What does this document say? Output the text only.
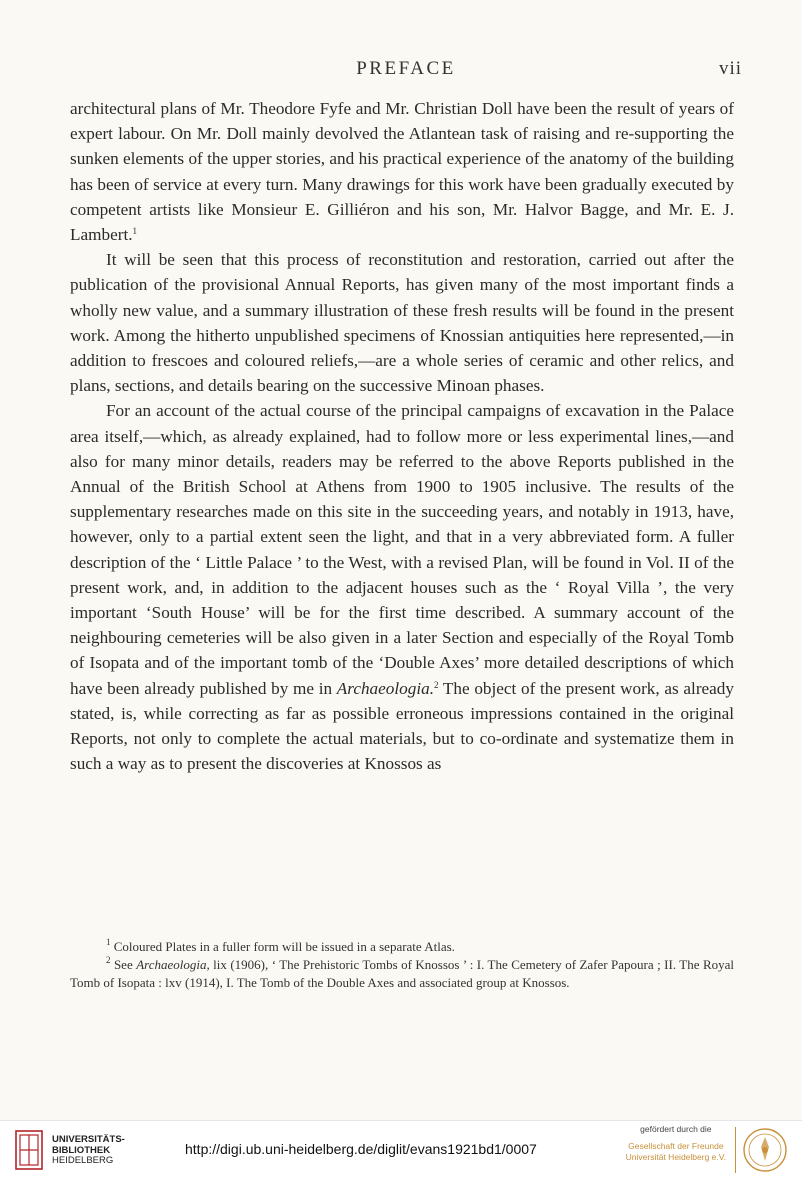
PREFACE	vii

architectural plans of Mr. Theodore Fyfe and Mr. Christian Doll have been the result of years of expert labour. On Mr. Doll mainly devolved the Atlantean task of raising and re-supporting the sunken elements of the upper stories, and his practical experience of the anatomy of the building has been of service at every turn. Many drawings for this work have been gradually executed by competent artists like Monsieur E. Gilliéron and his son, Mr. Halvor Bagge, and Mr. E. J. Lambert.$^1$

It will be seen that this process of reconstitution and restoration, carried out after the publication of the provisional Annual Reports, has given many of the most important finds a wholly new value, and a summary illustration of these fresh results will be found in the present work. Among the hitherto unpublished specimens of Knossian antiquities here represented,—in addition to frescoes and coloured reliefs,—are a whole series of ceramic and other relics, and plans, sections, and details bearing on the successive Minoan phases.

For an account of the actual course of the principal campaigns of excavation in the Palace area itself,—which, as already explained, had to follow more or less experimental lines,—and also for many minor details, readers may be referred to the above Reports published in the Annual of the British School at Athens from 1900 to 1905 inclusive. The results of the supplementary researches made on this site in the succeeding years, and notably in 1913, have, however, only to a partial extent seen the light, and that in a very abbreviated form. A fuller description of the ‘ Little Palace ’ to the West, with a revised Plan, will be found in Vol. II of the present work, and, in addition to the adjacent houses such as the ‘ Royal Villa ’, the very important ‘South House’ will be for the first time described. A summary account of the neighbouring cemeteries will be also given in a later Section and especially of the Royal Tomb of Isopata and of the important tomb of the ‘Double Axes’ more detailed descriptions of which have been already published by me in Archaeologia.$^2$ The object of the present work, as already stated, is, while correcting as far as possible erroneous impressions contained in the original Reports, not only to complete the actual materials, but to co-ordinate and systematize them in such a way as to present the discoveries at Knossos as

$^1$ Coloured Plates in a fuller form will be issued in a separate Atlas.

$^2$ See Archaeologia, lix (1906), ‘ The Prehistoric Tombs of Knossos ’ : I. The Cemetery of Zafer Papoura ; II. The Royal Tomb of Isopata : lxv (1914), I. The Tomb of the Double Axes and associated group at Knossos.

UNIVERSITÄTS-
BIBLIOTHEK
HEIDELBERG
http://digi.ub.uni-heidelberg.de/diglit/evans1921bd1/0007
gefördert durch die
Gesellschaft der Freunde
Universität Heidelberg e.V.
